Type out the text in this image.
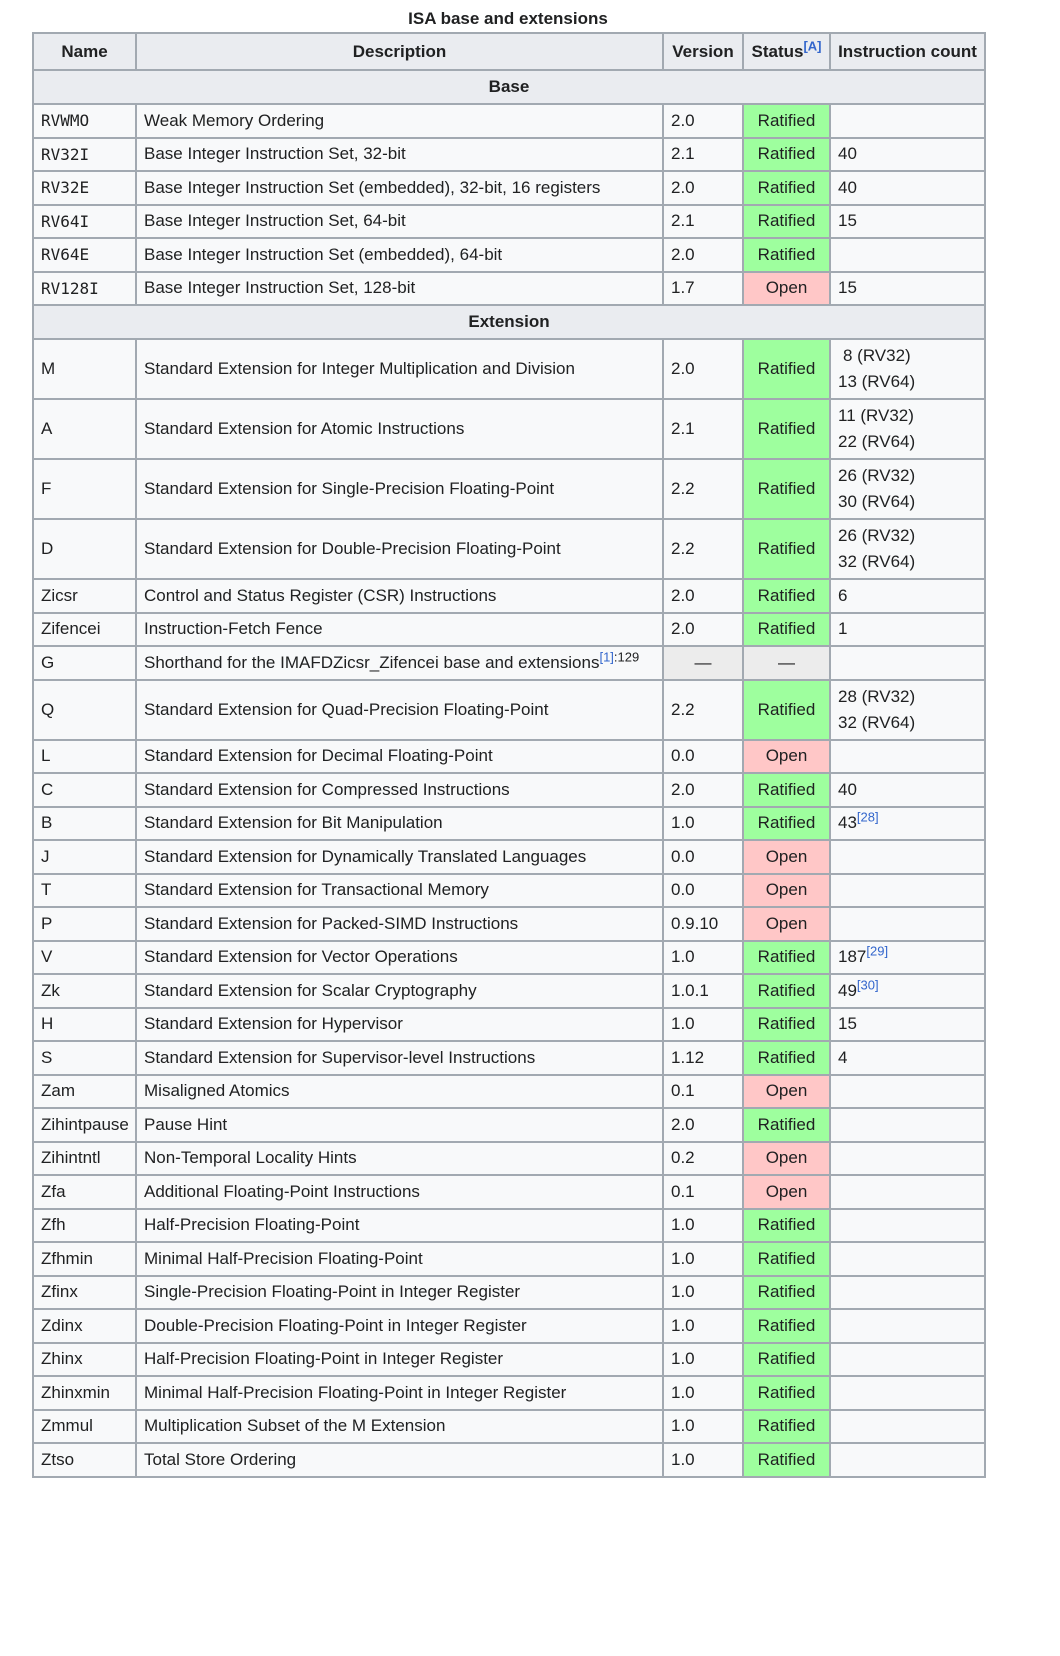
ISA base and extensions
Name	Description	Version	Status[A]	Instruction count
Base				
RVWMO	Weak Memory Ordering	2.0	Ratified	
RV32I	Base Integer Instruction Set, 32-bit	2.1	Ratified	40
RV32E	Base Integer Instruction Set (embedded), 32-bit, 16 registers	2.0	Ratified	40
RV64I	Base Integer Instruction Set, 64-bit	2.1	Ratified	15
RV64E	Base Integer Instruction Set (embedded), 64-bit	2.0	Ratified	
RV128I	Base Integer Instruction Set, 128-bit	1.7	Open	15
Extension				
M	Standard Extension for Integer Multiplication and Division	2.0	Ratified	8 (RV32)
13 (RV64)

A	Standard Extension for Atomic Instructions	2.1	Ratified	11 (RV32)
22 (RV64)

F	Standard Extension for Single-Precision Floating-Point	2.2	Ratified	26 (RV32)
30 (RV64)

D	Standard Extension for Double-Precision Floating-Point	2.2	Ratified	26 (RV32)
32 (RV64)

Zicsr	Control and Status Register (CSR) Instructions	2.0	Ratified	6
Zifencei	Instruction-Fetch Fence	2.0	Ratified	1
G	Shorthand for the IMAFDZicsr_Zifencei base and extensions$^{[1]:129}$	—	—	
Q	Standard Extension for Quad-Precision Floating-Point	2.2	Ratified	28 (RV32)
32 (RV64)

L	Standard Extension for Decimal Floating-Point	0.0	Open	
C	Standard Extension for Compressed Instructions	2.0	Ratified	40
B	Standard Extension for Bit Manipulation	1.0	Ratified	43[28]
J	Standard Extension for Dynamically Translated Languages	0.0	Open	
T	Standard Extension for Transactional Memory	0.0	Open	
P	Standard Extension for Packed-SIMD Instructions	0.9.10	Open	
V	Standard Extension for Vector Operations	1.0	Ratified	187[29]
Zk	Standard Extension for Scalar Cryptography	1.0.1	Ratified	49[30]
H	Standard Extension for Hypervisor	1.0	Ratified	15
S	Standard Extension for Supervisor-level Instructions	1.12	Ratified	4
Zam	Misaligned Atomics	0.1	Open	
Zihintpause	Pause Hint	2.0	Ratified	
Zihintntl	Non-Temporal Locality Hints	0.2	Open	
Zfa	Additional Floating-Point Instructions	0.1	Open	
Zfh	Half-Precision Floating-Point	1.0	Ratified	
Zfhmin	Minimal Half-Precision Floating-Point	1.0	Ratified	
Zfinx	Single-Precision Floating-Point in Integer Register	1.0	Ratified	
Zdinx	Double-Precision Floating-Point in Integer Register	1.0	Ratified	
Zhinx	Half-Precision Floating-Point in Integer Register	1.0	Ratified	
Zhinxmin	Minimal Half-Precision Floating-Point in Integer Register	1.0	Ratified	
Zmmul	Multiplication Subset of the M Extension	1.0	Ratified	
Ztso	Total Store Ordering	1.0	Ratified	
